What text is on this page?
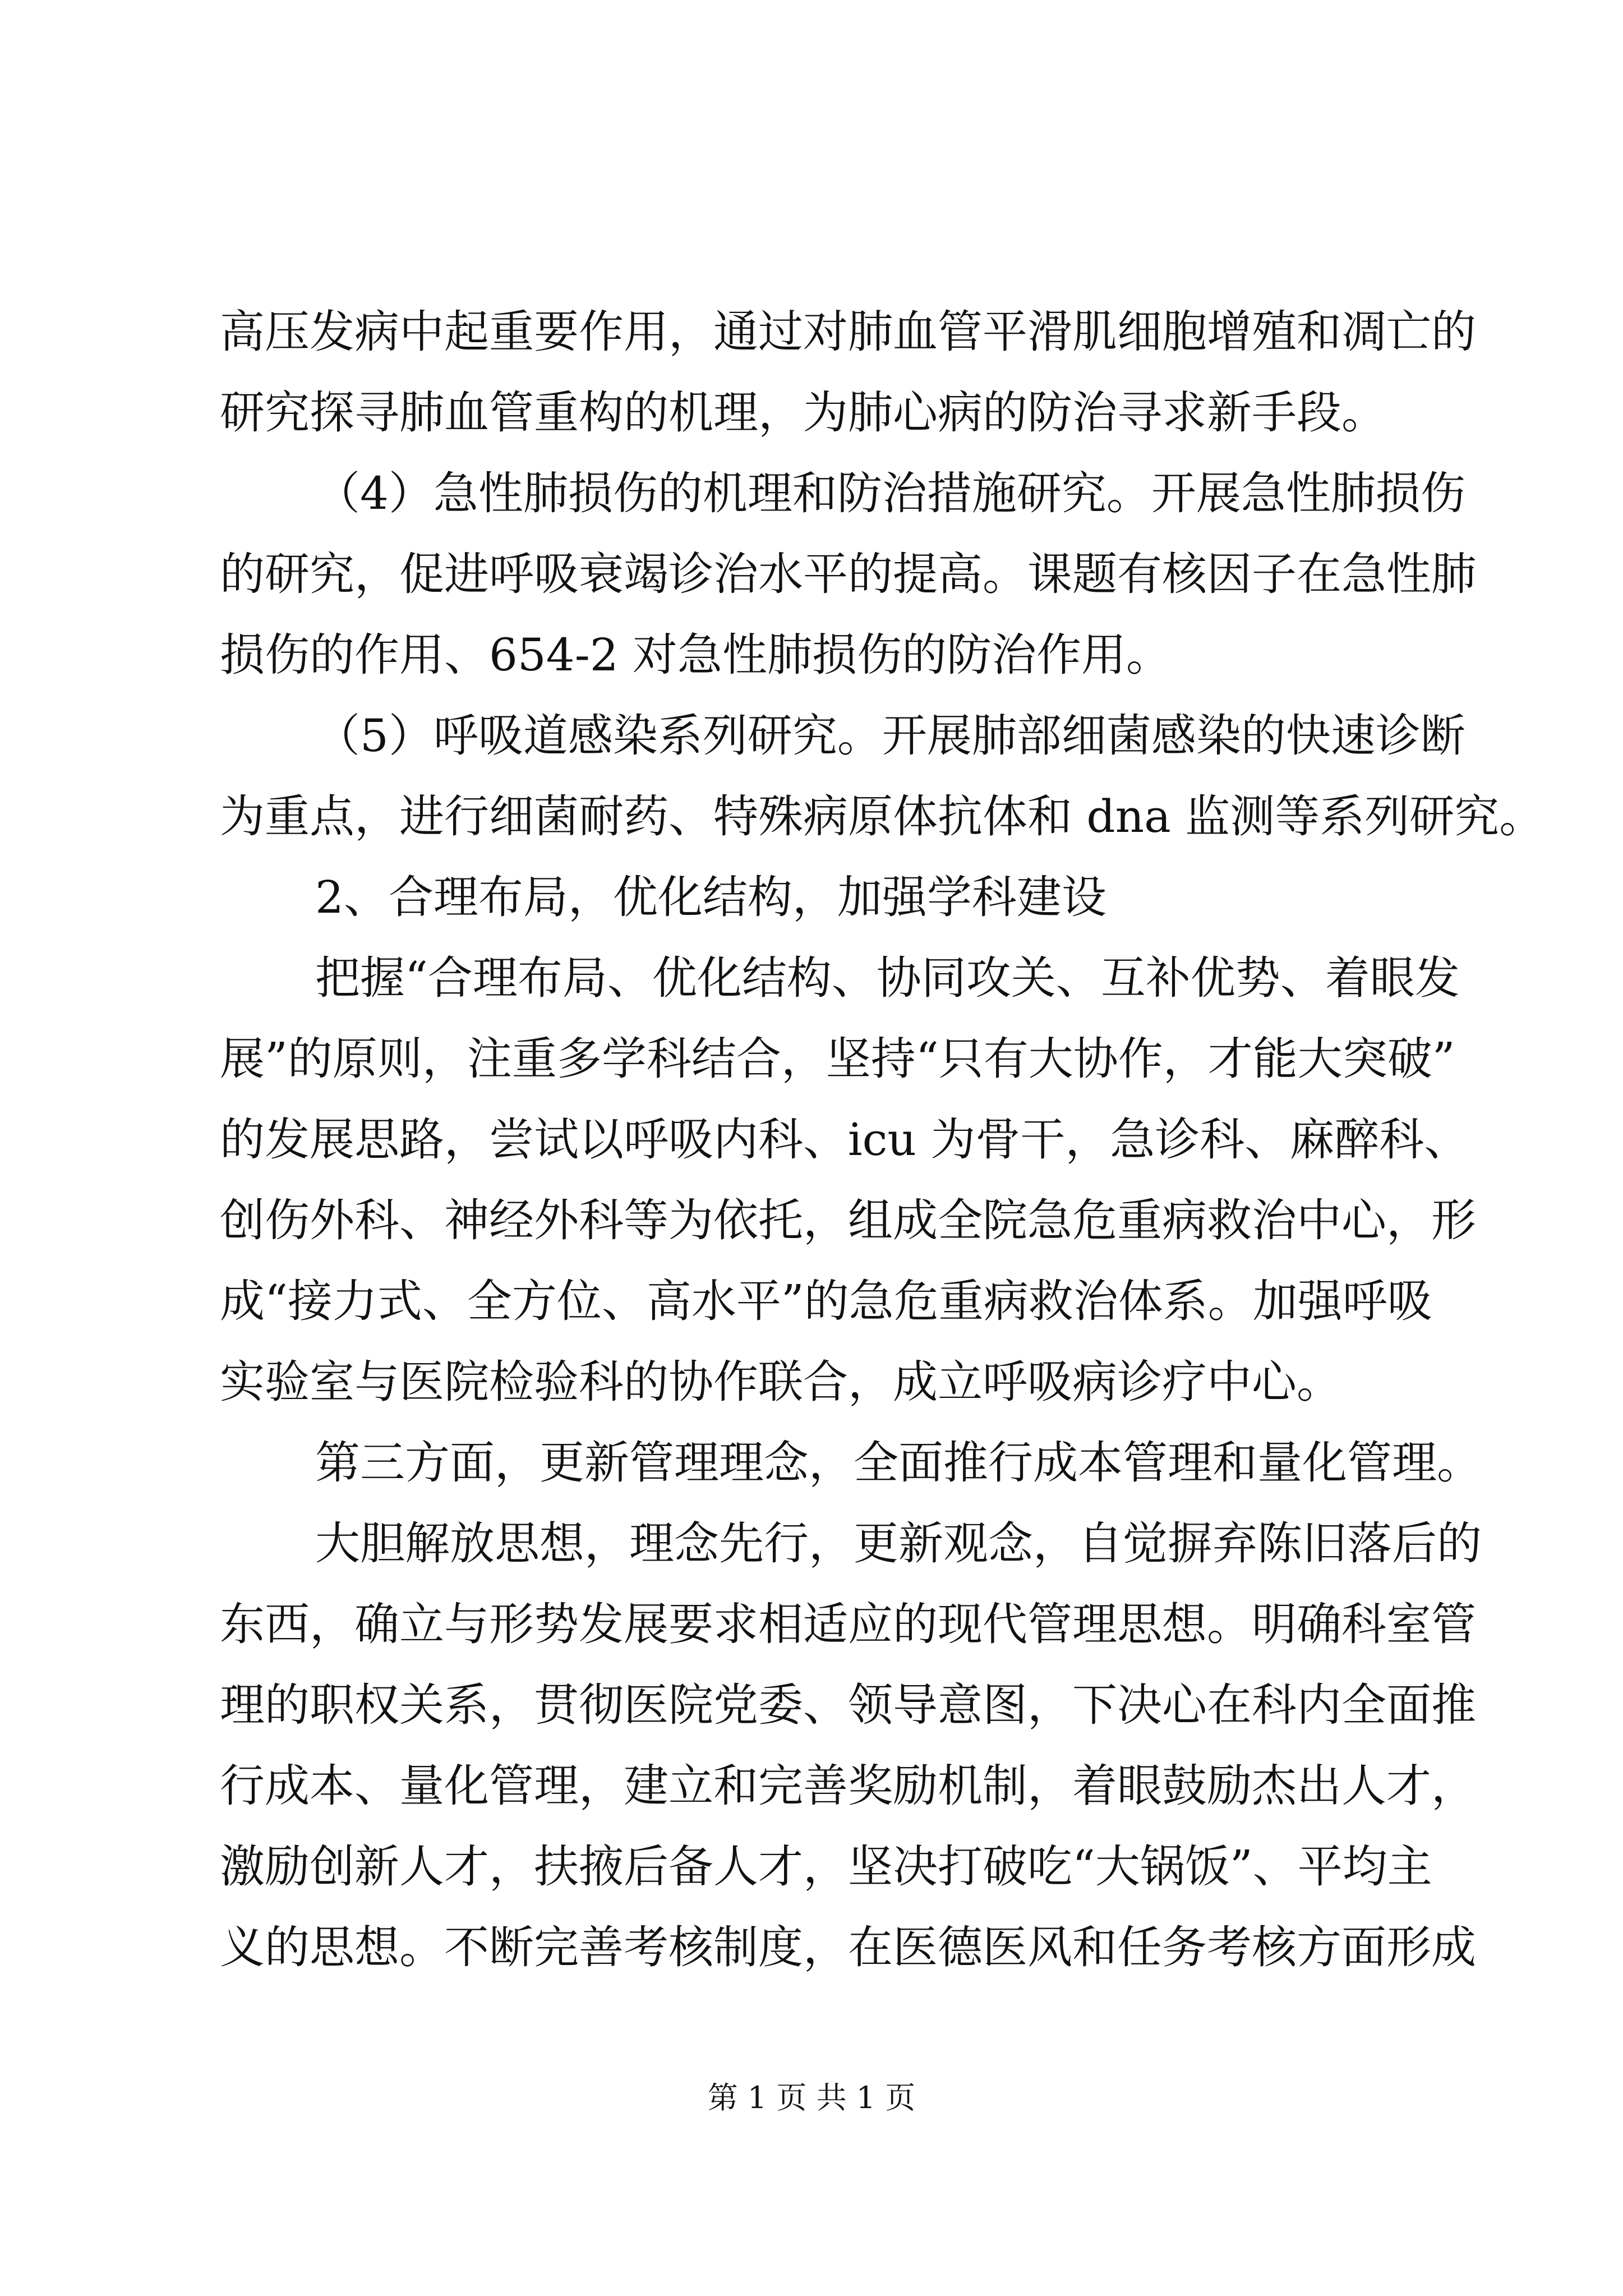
高压发病中起重要作用，通过对肺血管平滑肌细胞增殖和凋亡的
研究探寻肺血管重构的机理，为肺心病的防治寻求新手段。

（4）急性肺损伤的机理和防治措施研究。开展急性肺损伤
的研究，促进呼吸衰竭诊治水平的提高。课题有核因子在急性肺
损伤的作用、654-2 对急性肺损伤的防治作用。

（5）呼吸道感染系列研究。开展肺部细菌感染的快速诊断
为重点，进行细菌耐药、特殊病原体抗体和 dna 监测等系列研究。

2、合理布局，优化结构，加强学科建设

把握“合理布局、优化结构、协同攻关、互补优势、着眼发
展”的原则，注重多学科结合，坚持“只有大协作，才能大突破”
的发展思路，尝试以呼吸内科、icu 为骨干，急诊科、麻醉科、
创伤外科、神经外科等为依托，组成全院急危重病救治中心，形
成“接力式、全方位、高水平”的急危重病救治体系。加强呼吸
实验室与医院检验科的协作联合，成立呼吸病诊疗中心。

第三方面，更新管理理念，全面推行成本管理和量化管理。

大胆解放思想，理念先行，更新观念，自觉摒弃陈旧落后的
东西，确立与形势发展要求相适应的现代管理思想。明确科室管
理的职权关系，贯彻医院党委、领导意图，下决心在科内全面推
行成本、量化管理，建立和完善奖励机制，着眼鼓励杰出人才，
激励创新人才，扶掖后备人才，坚决打破吃“大锅饭”、平均主
义的思想。不断完善考核制度，在医德医风和任务考核方面形成

第 1 页 共 1 页
